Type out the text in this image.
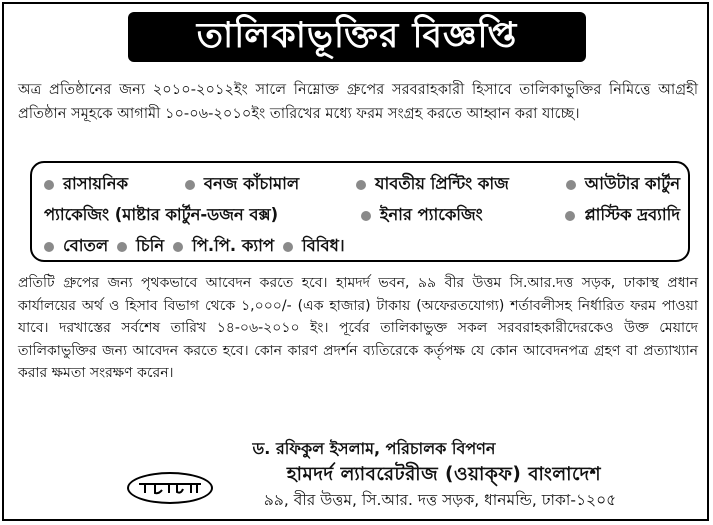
তালিকাভূক্তির বিজ্ঞপ্তি
অত্র প্রতিষ্ঠানের জন্য ২০১০-২০১২ইং সালে নিম্নোক্ত গ্রুপের সরবরাহকারী হিসাবে তালিকাভুক্তির নিমিত্তে আগ্রহী প্রতিষ্ঠান সমূহকে আগামী ১০-০৬-২০১০ইং তারিখের মধ্যে ফরম সংগ্রহ করতে আহ্বান করা যাচ্ছে।
রাসায়নিক	বনজ কাঁচামাল	যাবতীয় প্রিন্টিং কাজ	আউটার কার্টুন
প্যাকেজিং (মাষ্টার কার্টুন-ডজন বক্স)	ইনার প্যাকেজিং	প্লাস্টিক দ্রব্যাদি
বোতল চিনি পি.পি. ক্যাপ বিবিধ।
প্রতিটি গ্রুপের জন্য পৃথকভাবে আবেদন করতে হবে। হামদর্দ ভবন, ৯৯ বীর উত্তম সি.আর.দত্ত সড়ক, ঢাকাস্থ প্রধান কার্যালয়ের অর্থ ও হিসাব বিভাগ থেকে ১,০০০/- (এক হাজার) টাকায় (অফেরতযোগ্য) শর্তাবলীসহ নির্ধারিত ফরম পাওয়া যাবে। দরখাস্তের সর্বশেষ তারিখ ১৪-০৬-২০১০ ইং। পূর্বের তালিকাভুক্ত সকল সরবরাহকারীদেরকেও উক্ত মেয়াদে তালিকাভুক্তির জন্য আবেদন করতে হবে। কোন কারণ প্রদর্শন ব্যতিরেকে কর্তৃপক্ষ যে কোন আবেদনপত্র গ্রহণ বা প্রত্যাখ্যান করার ক্ষমতা সংরক্ষণ করেন।
ড. রফিকুল ইসলাম, পরিচালক বিপণন
হামদর্দ ল্যাবরেটরীজ (ওয়াক্ফ) বাংলাদেশ
৯৯, বীর উত্তম, সি.আর. দত্ত সড়ক, ধানমন্ডি, ঢাকা-১২০৫
